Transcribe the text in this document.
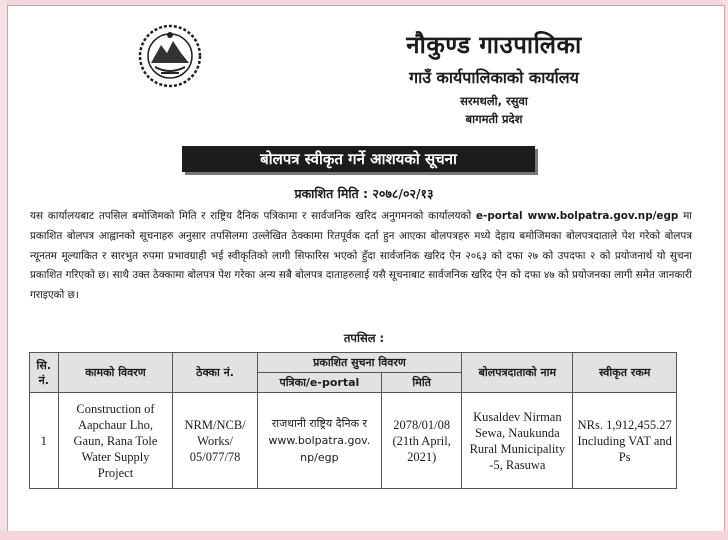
नौकुण्ड गाउपालिका
गाउँ कार्यपालिकाको कार्यालय
सरमथली, रसुवा
बागमती प्रदेश
बोलपत्र स्वीकृत गर्ने आशयको सूचना
प्रकाशित मिति : २०७८/०२/१३
यस कार्यालयबाट तपसिल बमोजिमको मिति र राष्ट्रिय दैनिक पत्रिकामा र सार्वजनिक खरिद अनुगमनको कार्यालयको e-portal www.bolpatra.gov.np/egp मा प्रकाशित बोलपत्र आह्वानको सूचनाहरु अनुसार तपसिलमा उल्लेखित ठेक्कामा रितपूर्वक दर्ता हुन आएका बोलपत्रहरु मध्ये देहाय बमोजिमका बोलपत्रदाताले पेश गरेको बोलपत्र न्यूनतम मूल्याकित र सारभुत रुपमा प्रभावग्राही भई स्वीकृतिको लागी सिफारिस भएको हुँदा सार्वजनिक खरिद ऐन २०६३ को दफा २७ को उपदफा २ को प्रयोजनार्थ यो सुचना प्रकाशित गरिएको छ। साथै उक्त ठेक्कामा बोलपत्र पेश गरेका अन्य सबै बोलपत्र दाताहरुलाई यसै सूचनाबाट सार्वजनिक खरिद ऐन को दफा ४७ को प्रयोजनका लागी समेत जानकारी गराइएको छ।
तपसिल :
सि. नं.	कामको विवरण	ठेक्का नं.	प्रकाशित सुचना विवरण		बोलपत्रदाताको नाम	स्वीकृत रकम
			पत्रिका/e-portal	मिति		
1	Construction of Aapchaur Lho, Gaun, Rana Tole Water Supply Project	NRM/NCB/ Works/ 05/077/78	राजधानी राष्ट्रिय दैनिक र www.bolpatra.gov. np/egp	2078/01/08 (21th April, 2021)	Kusaldev Nirman Sewa, Naukunda Rural Municipality -5, Rasuwa	NRs. 1,912,455.27 Including VAT and Ps
